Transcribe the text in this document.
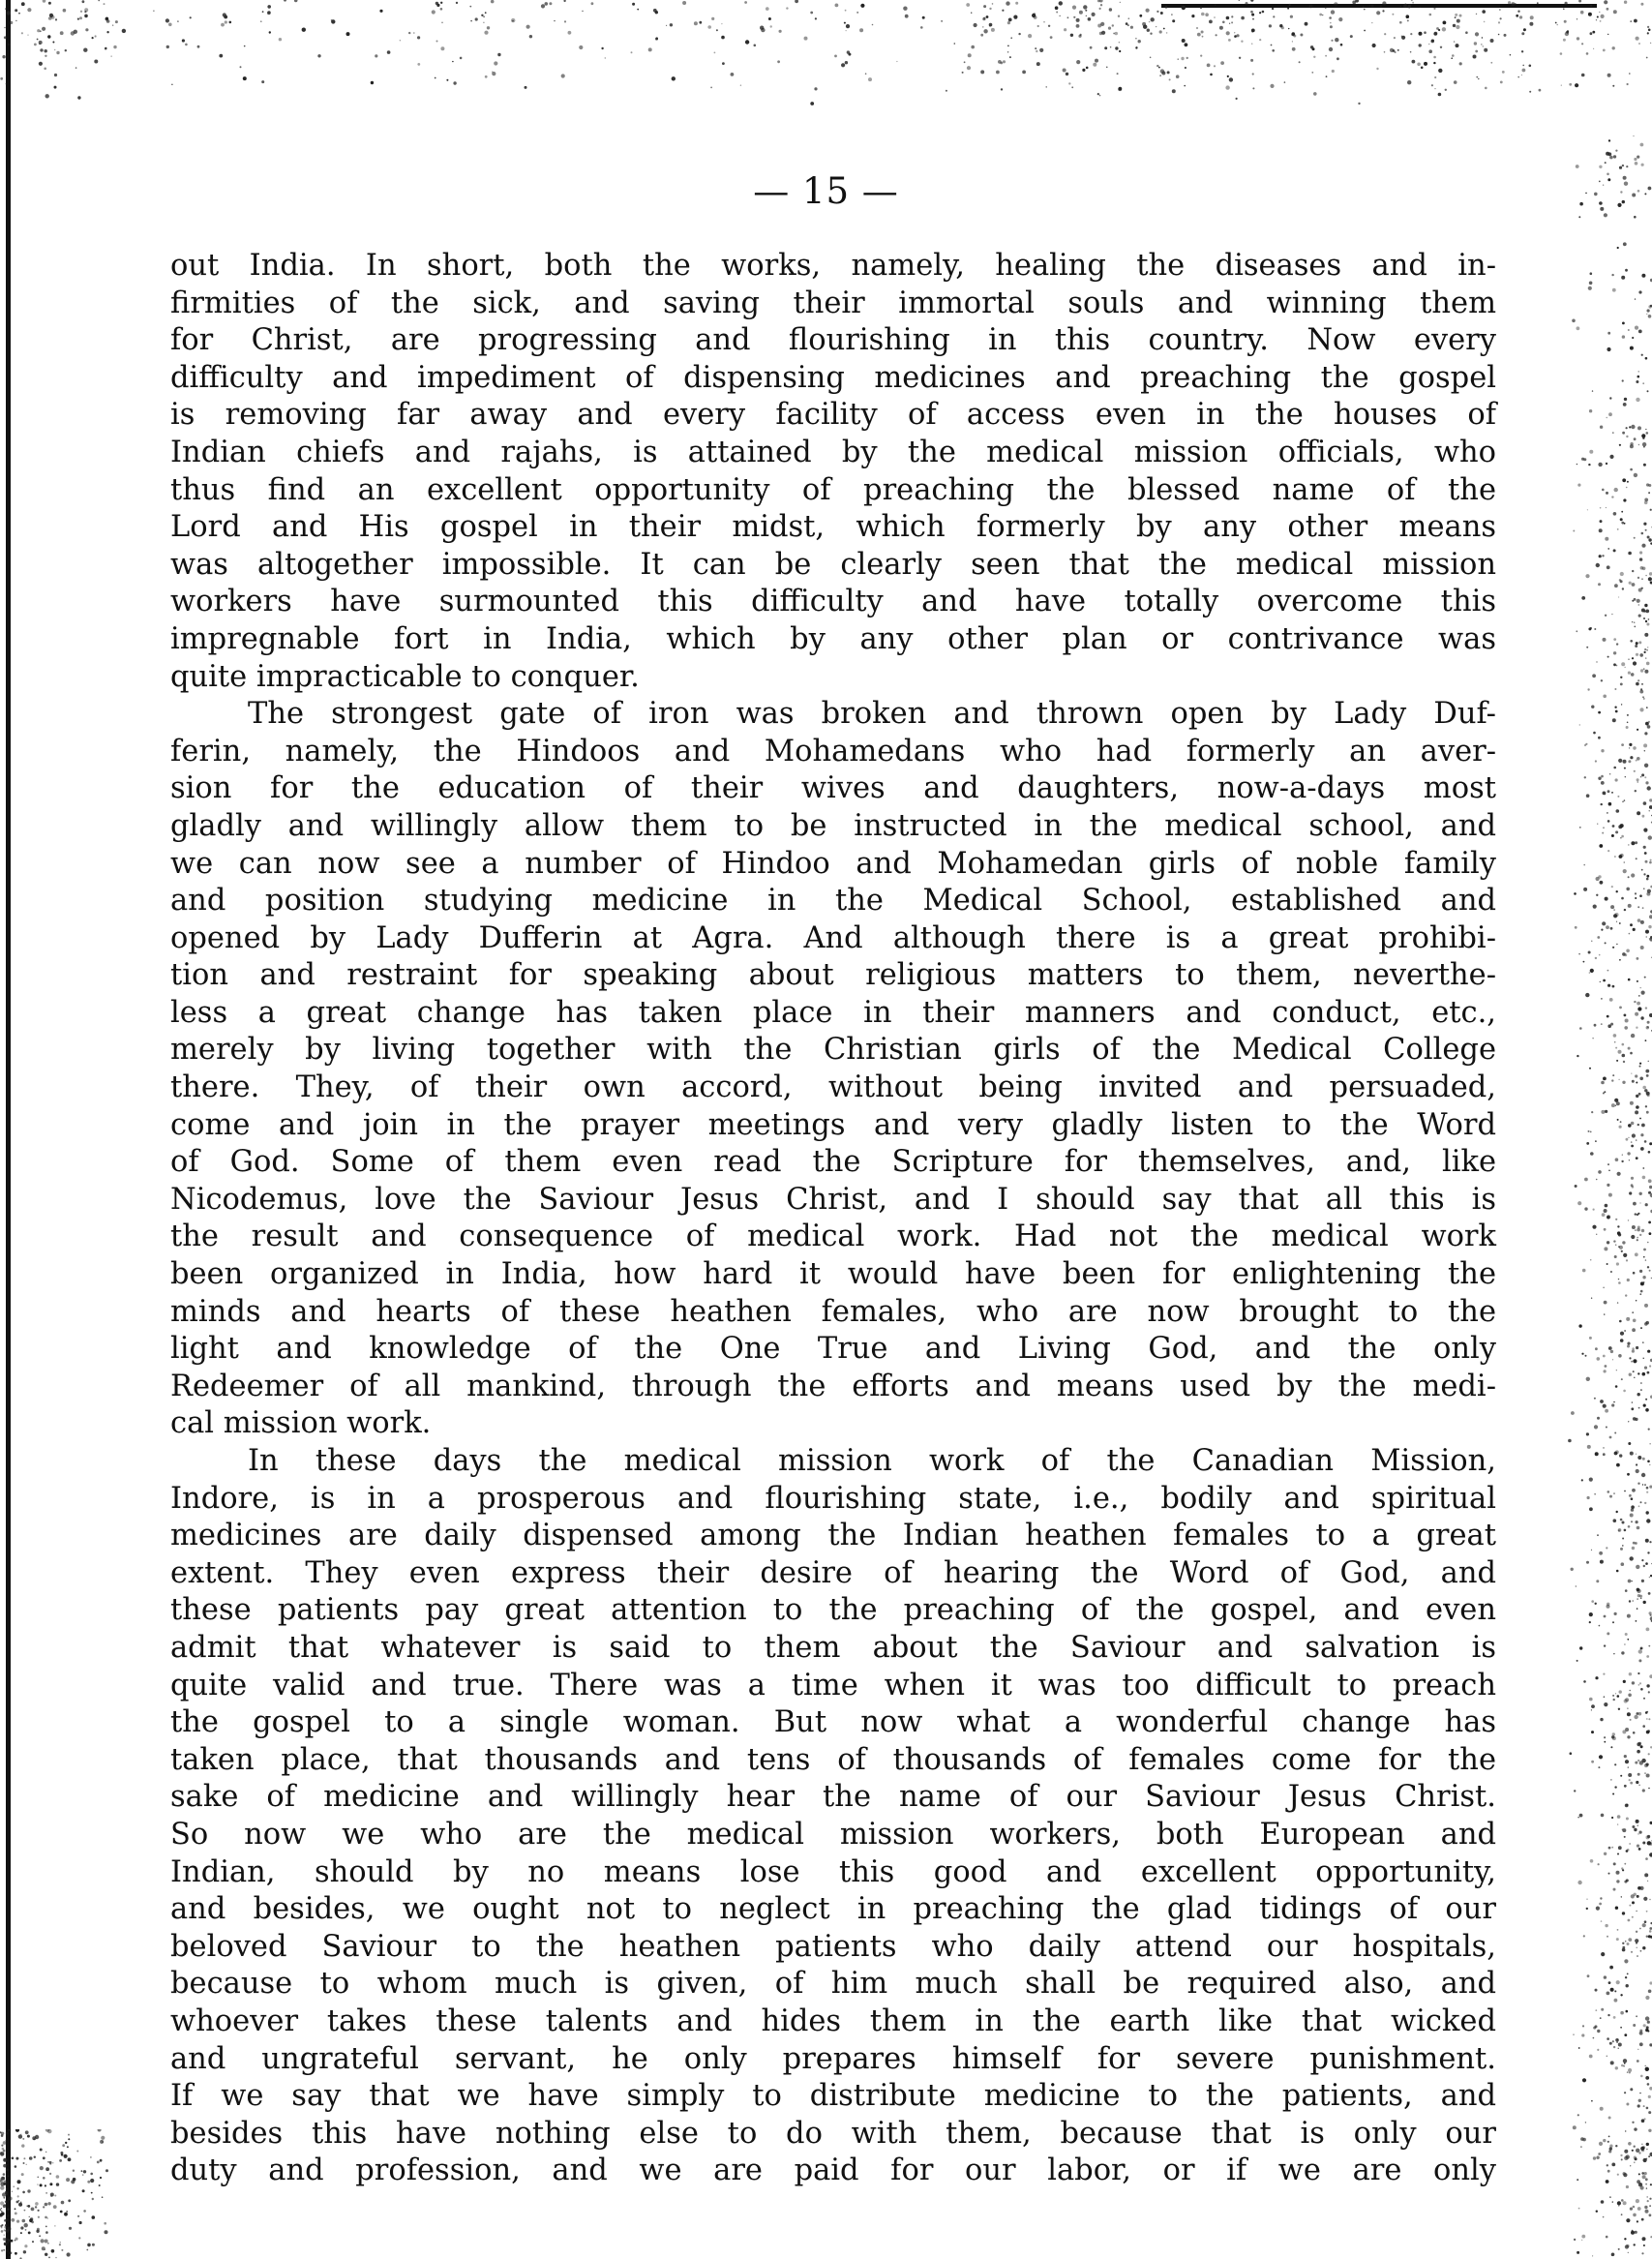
— 15 —
out India. In short, both the works, namely, healing the diseases and in-
firmities of the sick, and saving their immortal souls and winning them
for Christ, are progressing and flourishing in this country. Now every
difficulty and impediment of dispensing medicines and preaching the gospel
is removing far away and every facility of access even in the houses of
Indian chiefs and rajahs, is attained by the medical mission officials, who
thus find an excellent opportunity of preaching the blessed name of the
Lord and His gospel in their midst, which formerly by any other means
was altogether impossible. It can be clearly seen that the medical mission
workers have surmounted this difficulty and have totally overcome this
impregnable fort in India, which by any other plan or contrivance was
quite impracticable to conquer.
The strongest gate of iron was broken and thrown open by Lady Duf-
ferin, namely, the Hindoos and Mohamedans who had formerly an aver-
sion for the education of their wives and daughters, now-a-days most
gladly and willingly allow them to be instructed in the medical school, and
we can now see a number of Hindoo and Mohamedan girls of noble family
and position studying medicine in the Medical School, established and
opened by Lady Dufferin at Agra. And although there is a great prohibi-
tion and restraint for speaking about religious matters to them, neverthe-
less a great change has taken place in their manners and conduct, etc.,
merely by living together with the Christian girls of the Medical College
there. They, of their own accord, without being invited and persuaded,
come and join in the prayer meetings and very gladly listen to the Word
of God. Some of them even read the Scripture for themselves, and, like
Nicodemus, love the Saviour Jesus Christ, and I should say that all this is
the result and consequence of medical work. Had not the medical work
been organized in India, how hard it would have been for enlightening the
minds and hearts of these heathen females, who are now brought to the
light and knowledge of the One True and Living God, and the only
Redeemer of all mankind, through the efforts and means used by the medi-
cal mission work.
In these days the medical mission work of the Canadian Mission,
Indore, is in a prosperous and flourishing state, i.e., bodily and spiritual
medicines are daily dispensed among the Indian heathen females to a great
extent. They even express their desire of hearing the Word of God, and
these patients pay great attention to the preaching of the gospel, and even
admit that whatever is said to them about the Saviour and salvation is
quite valid and true. There was a time when it was too difficult to preach
the gospel to a single woman. But now what a wonderful change has
taken place, that thousands and tens of thousands of females come for the
sake of medicine and willingly hear the name of our Saviour Jesus Christ.
So now we who are the medical mission workers, both European and
Indian, should by no means lose this good and excellent opportunity,
and besides, we ought not to neglect in preaching the glad tidings of our
beloved Saviour to the heathen patients who daily attend our hospitals,
because to whom much is given, of him much shall be required also, and
whoever takes these talents and hides them in the earth like that wicked
and ungrateful servant, he only prepares himself for severe punishment.
If we say that we have simply to distribute medicine to the patients, and
besides this have nothing else to do with them, because that is only our
duty and profession, and we are paid for our labor, or if we are only
